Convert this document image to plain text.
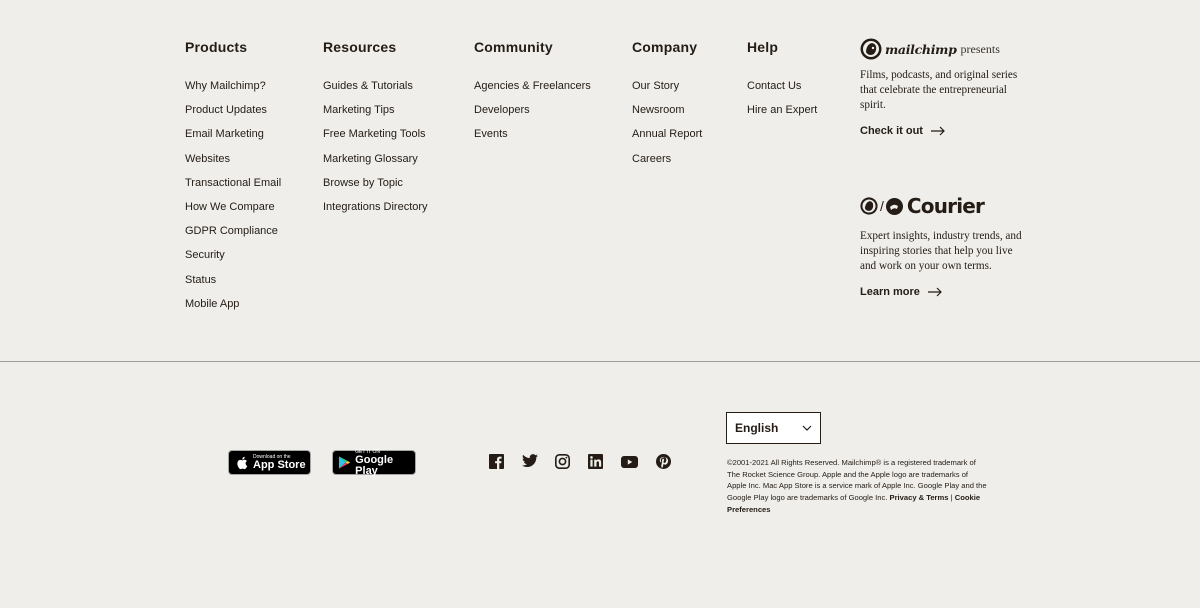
Products
Why Mailchimp?
Product Updates
Email Marketing
Websites
Transactional Email
How We Compare
GDPR Compliance
Security
Status
Mobile App
Resources
Guides & Tutorials
Marketing Tips
Free Marketing Tools
Marketing Glossary
Browse by Topic
Integrations Directory
Community
Agencies & Freelancers
Developers
Events
Company
Our Story
Newsroom
Annual Report
Careers
Help
Contact Us
Hire an Expert
mailchimp presents

Films, podcasts, and original series that celebrate the entrepreneurial spirit.

Check it out
/ Courier

Expert insights, industry trends, and inspiring stories that help you live and work on your own terms.

Learn more
Download on the
App Store
GET IT ON
Google Play
English

©2001-2021 All Rights Reserved. Mailchimp® is a registered trademark of The Rocket Science Group. Apple and the Apple logo are trademarks of Apple Inc. Mac App Store is a service mark of Apple Inc. Google Play and the Google Play logo are trademarks of Google Inc. Privacy & Terms | Cookie Preferences
